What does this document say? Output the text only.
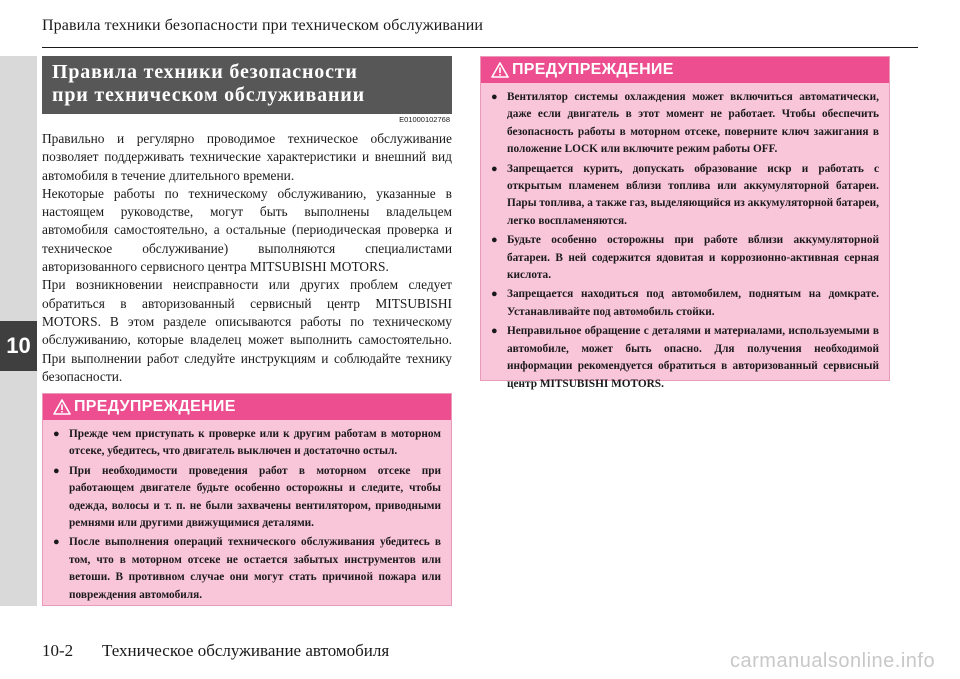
Правила техники безопасности при техническом обслуживании
10
Правила техники безопасности
при техническом обслуживании
E01000102768

Правильно и регулярно проводимое техническое обслуживание позволяет поддерживать технические характеристики и внешний вид автомобиля в течение длительного времени.

Некоторые работы по техническому обслуживанию, указанные в настоящем руководстве, могут быть выполнены владельцем автомобиля самостоятельно, а остальные (периодическая проверка и техническое обслуживание) выполняются специалистами авторизованного сервисного центра MITSUBISHI MOTORS.

При возникновении неисправности или других проблем следует обратиться в авторизованный сервисный центр MITSUBISHI MOTORS. В этом разделе описываются работы по техническому обслуживанию, которые владелец может выполнить самостоятельно. При выполнении работ следуйте инструкциям и соблюдайте технику безопасности.

ПРЕДУПРЕЖДЕНИЕ
● Прежде чем приступать к проверке или к другим работам в моторном отсеке, убедитесь, что двигатель выключен и достаточно остыл.
● При необходимости проведения работ в моторном отсеке при работающем двигателе будьте особенно осторожны и следите, чтобы одежда, волосы и т. п. не были захвачены вентилятором, приводными ремнями или другими движущимися деталями.
● После выполнения операций технического обслуживания убедитесь в том, что в моторном отсеке не остается забытых инструментов или ветоши. В противном случае они могут стать причиной пожара или повреждения автомобиля.
ПРЕДУПРЕЖДЕНИЕ
● Вентилятор системы охлаждения может включиться автоматически, даже если двигатель в этот момент не работает. Чтобы обеспечить безопасность работы в моторном отсеке, поверните ключ зажигания в положение LOCK или включите режим работы OFF.
● Запрещается курить, допускать образование искр и работать с открытым пламенем вблизи топлива или аккумуляторной батареи. Пары топлива, а также газ, выделяющийся из аккумуляторной батареи, легко воспламеняются.
● Будьте особенно осторожны при работе вблизи аккумуляторной батареи. В ней содержится ядовитая и коррозионно-активная серная кислота.
● Запрещается находиться под автомобилем, поднятым на домкрате. Устанавливайте под автомобиль стойки.
● Неправильное обращение с деталями и материалами, используемыми в автомобиле, может быть опасно. Для получения необходимой информации рекомендуется обратиться в авторизованный сервисный центр MITSUBISHI MOTORS.
10-2 Техническое обслуживание автомобиля	carmanualsonline.info
